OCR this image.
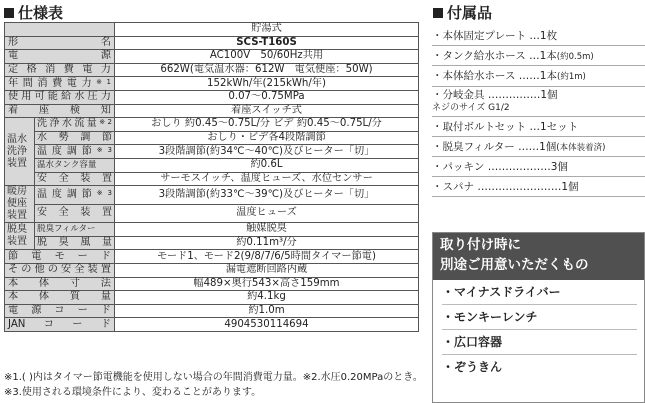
仕様表
		貯湯式
形名		SCS-T160S
電源		AC100V　50/60Hz共用
定格消費電力		662W(電気温水器：612W　電気便座：50W)
年間消費電力$^{※1}$		152kWh/年(215kWh/年)
使用可能給水圧力		0.07〜0.75MPa
着座検知		着座スイッチ式
温水洗浄装置	洗浄水流量$^{※2}$	おしり 約0.45〜0.75L/分 ビデ 約0.45〜0.75L/分
	水勢調節	おしり・ビデ各4段階調節
	温度調節$^{※3}$	3段階調節(約34℃〜40℃)及びヒーター「切」
	温水タンク容量	約0.6L
	安全装置	サーモスイッチ、温度ヒューズ、水位センサー
暖房便座装置	温度調節$^{※3}$	3段階調節(約33℃〜39℃)及びヒーター「切」
	安全装置	温度ヒューズ
脱臭装置	脱臭フィルター	触媒脱臭
	脱臭風量	約0.11m³/分
節電モード		モード1、モード2(9/8/7/6/5時間タイマー節電)
その他の安全装置		漏電遮断回路内蔵
本体寸法		幅489×奥行543×高さ159mm
本体質量		約4.1kg
電源コード		約1.0m
JANコード		4904530114694
※1.( )内はタイマー節電機能を使用しない場合の年間消費電力量。※2.水圧0.20MPaのとき。※3.使用される環境条件により、変わることがあります。
付属品
・本体固定プレート …1枚
・タンク給水ホース …1本(約0.5m)
・本体給水ホース ……1本(約1m)
・分岐金具 ……………1個
ネジのサイズ G1/2
・取付ボルトセット …1セット
・脱臭フィルター ……1個(本体装着済)
・パッキン ………………3個
・スパナ ……………………1個
取り付け時に
別途ご用意いただくもの
・マイナスドライバー
・モンキーレンチ
・広口容器
・ぞうきん
